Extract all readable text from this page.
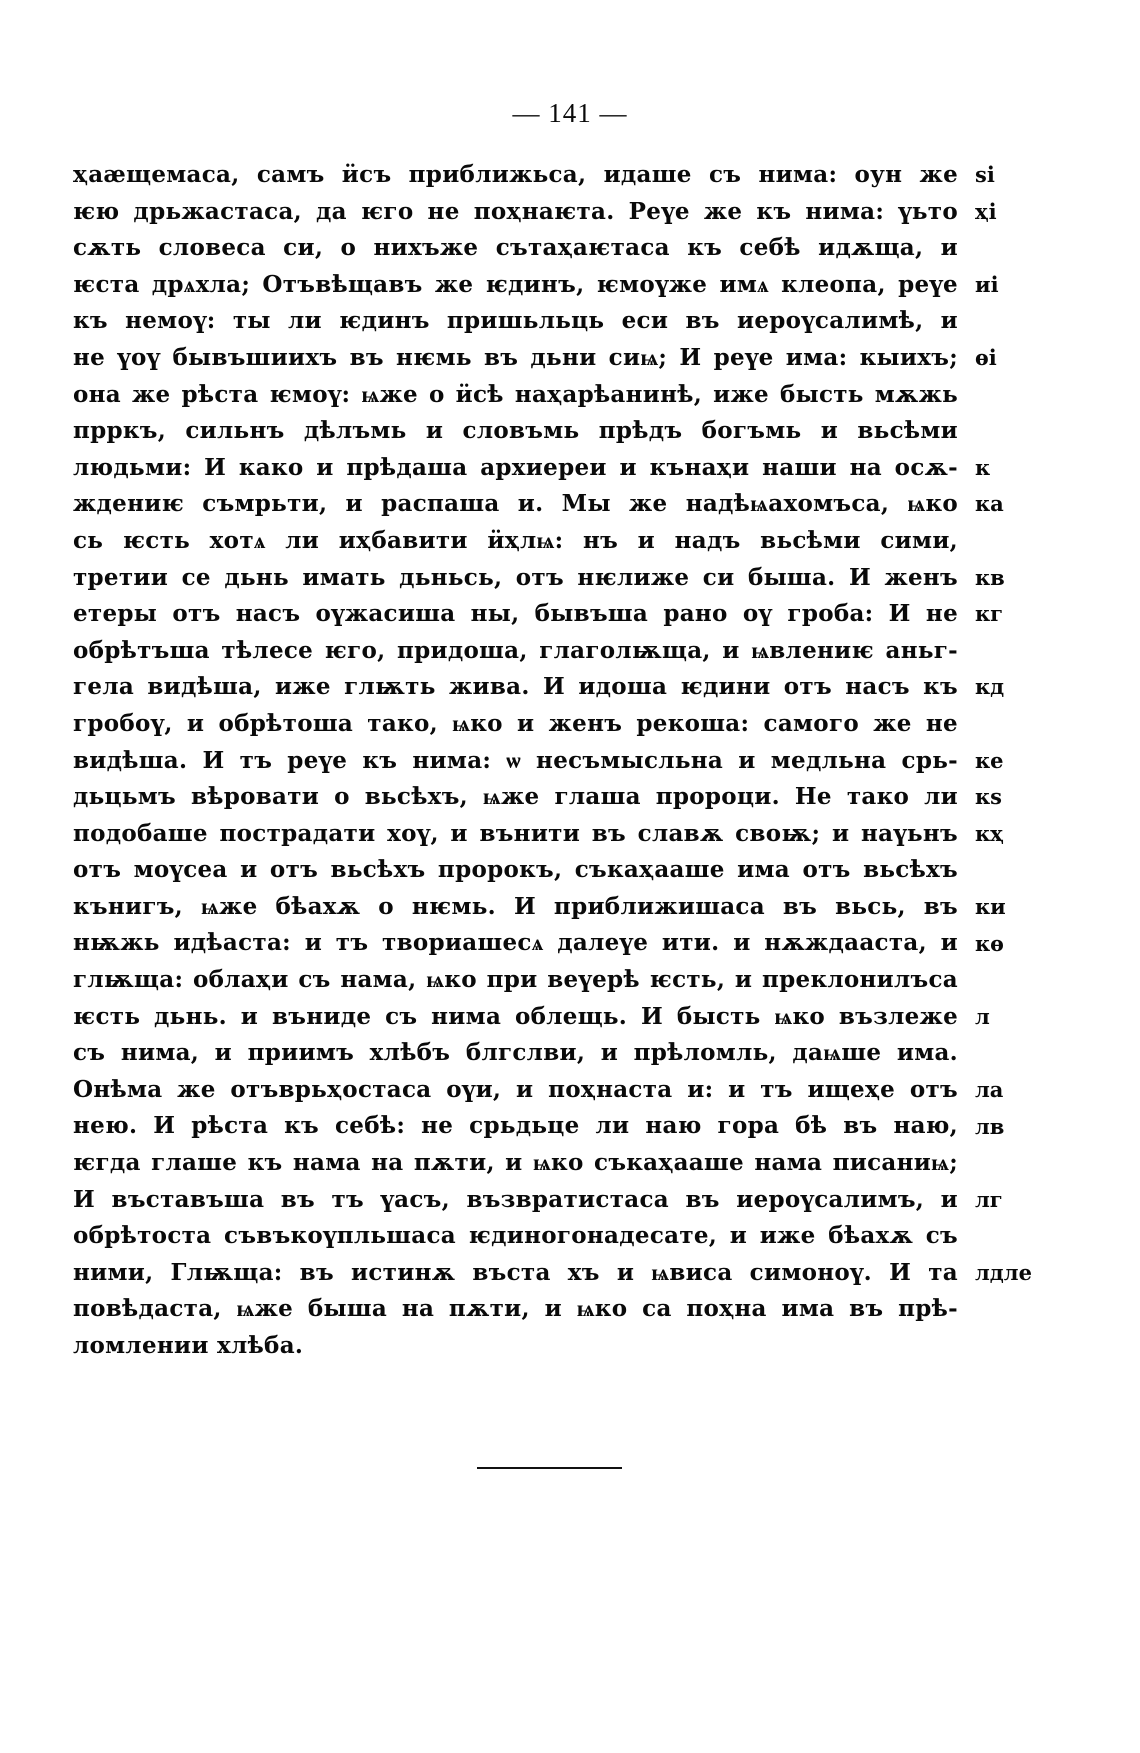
— 141 —
ҳаӕщемаса, самъ ӥсъ приближьса, идаше съ нима: оун же
ѥю дрьжастаса, да ѥго не поҳнаѥта. Реүе же къ нима: үьто
сѫть словеса си, о нихъже сътаҳаѥтаса къ себѣ идѫща, и
ѥста дрѧхла; Отъвѣщавъ же ѥдинъ, ѥмоүже имѧ клеопа, реүе
къ немоү: ты ли ѥдинъ пришьльць еси въ иероүсалимѣ, и
не үоү бывъшиихъ въ нѥмь въ дьни сиѩ; И реүе има: кыихъ;
она же рѣста ѥмоү: ѩже о ӥсѣ наҳарѣанинѣ, иже бысть мѫжь
прркъ, сильнъ дѣлъмь и словъмь прѣдъ богъмь и вьсѣми
людьми: И како и прѣдаша архиереи и кънаҳи наши на осѫ-
ждениѥ съмрьти, и распаша и. Мы же надѣѩахомъса, ѩко
сь ѥсть хотѧ ли иҳбавити ӥҳлѩ: нъ и надъ вьсѣми сими,
третии се дьнь имать дьньсь, отъ нѥлиже си быша. И женъ
етеры отъ насъ оүжасиша ны, бывъша рано оү гроба: И не
обрѣтъша тѣлесе ѥго, придоша, глаголѭща, и ѩвлениѥ аньг-
гела видѣша, иже глѭть жива. И идоша ѥдини отъ насъ къ
гробоү, и обрѣтоша тако, ѩко и женъ рекоша: самого же не
видѣша. И тъ реүе къ нима: ѡ несъмысльна и медльна срь-
дьцьмъ вѣровати о вьсѣхъ, ѩже глаша пророци. Не тако ли
подобаше пострадати хоү, и вънити въ славѫ своѭ; и наүьнъ
отъ моүсеа и отъ вьсѣхъ пророкъ, съкаҳааше има отъ вьсѣхъ
кънигъ, ѩже бѣахѫ о нѥмь. И приближишаса въ вьсь, въ
нѭжь идѣаста: и тъ твориашесѧ далеүе ити. и нѫждааста, и
глѭща: облаҳи съ нама, ѩко при веүерѣ ѥсть, и преклонилъса
ѥсть дьнь. и вънидe съ нима облещь. И бысть ѩко възлеже
съ нима, и приимъ хлѣбъ блгслви, и прѣломль, даѩше има.
Онѣма же отъврьҳостаса оүи, и поҳнаста и: и тъ ищеҳе отъ
нею. И рѣста къ себѣ: не срьдьце ли наю гора бѣ въ наю,
ѥгда глаше къ нама на пѫти, и ѩко съкаҳааше нама писаниѩ;
И въставъша въ тъ үасъ, възвратистаса въ иероүсалимъ, и
обрѣтоста съвъкоүпльшаса ѥдиногонадесате, и иже бѣахѫ съ
ними, Глѭща: въ истинѫ въста хъ и ѩвиса симоноү. И та
повѣдаста, ѩже быша на пѫти, и ѩко са поҳна има въ прѣ-
ломлении хлѣба.
ѕі
ҳі
иі
ѳі
к
ка
кв
кг
кд
ке
кѕ
кҳ
ки
кѳ
л
ла
лв
лг
лдле
